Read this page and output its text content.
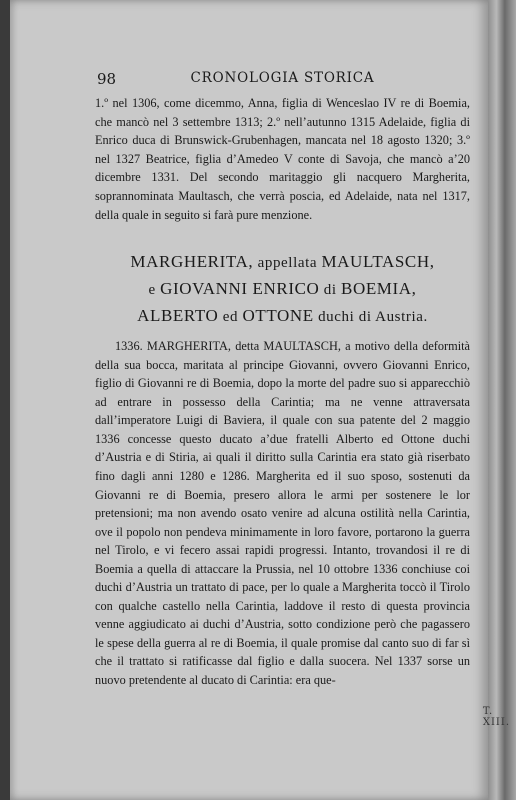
98	CRONOLOGIA STORICA
1.º nel 1306, come dicemmo, Anna, figlia di Wenceslao IV re di Boemia, che mancò nel 3 settembre 1313; 2.º nell’autunno 1315 Adelaide, figlia di Enrico duca di Brunswick-Grubenhagen, mancata nel 18 agosto 1320; 3.º nel 1327 Beatrice, figlia d’Amedeo V conte di Savoja, che mancò a’20 dicembre 1331. Del secondo maritaggio gli nacquero Margherita, soprannominata Maultasch, che verrà poscia, ed Adelaide, nata nel 1317, della quale in seguito si farà pure menzione.
MARGHERITA, appellata MAULTASCH,
e GIOVANNI ENRICO di BOEMIA,
ALBERTO ed OTTONE duchi di Austria.

1336. MARGHERITA, detta MAULTASCH, a motivo della deformità della sua bocca, maritata al principe Giovanni, ovvero Giovanni Enrico, figlio di Giovanni re di Boemia, dopo la morte del padre suo si apparecchiò ad entrare in possesso della Carintia; ma ne venne attraversata dall’imperatore Luigi di Baviera, il quale con sua patente del 2 maggio 1336 concesse questo ducato a’due fratelli Alberto ed Ottone duchi d’Austria e di Stiria, ai quali il diritto sulla Carintia era stato già riserbato fino dagli anni 1280 e 1286. Margherita ed il suo sposo, sostenuti da Giovanni re di Boemia, presero allora le armi per sostenere le lor pretensioni; ma non avendo osato venire ad alcuna ostilità nella Carintia, ove il popolo non pendeva minimamente in loro favore, portarono la guerra nel Tirolo, e vi fecero assai rapidi progressi. Intanto, trovandosi il re di Boemia a quella di attaccare la Prussia, nel 10 ottobre 1336 conchiuse coi duchi d’Austria un trattato di pace, per lo quale a Margherita toccò il Tirolo con qualche castello nella Carintia, laddove il resto di questa provincia venne aggiudicato ai duchi d’Austria, sotto condizione però che pagassero le spese della guerra al re di Boemia, il quale promise dal canto suo di far sì che il trattato si ratificasse dal figlio e dalla suocera. Nel 1337 sorse un nuovo pretendente al ducato di Carintia: era que-

T. XIII.
